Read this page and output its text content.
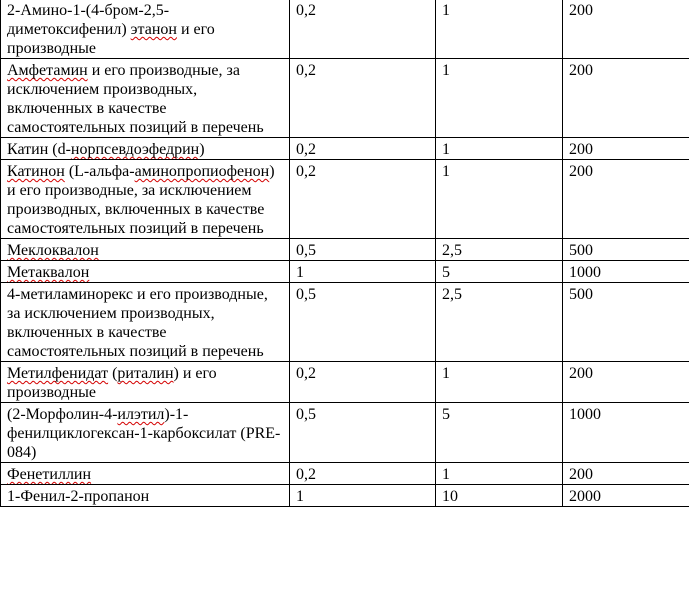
2-Амино-1-(4-бром-2,5-диметоксифенил) этанон и его производные	0,2	1	200
Амфетамин и его производные, за исключением производных, включенных в качестве самостоятельных позиций в перечень	0,2	1	200
Катин (d-норпсевдоэфедрин)	0,2	1	200
Катинон (L-альфа-аминопропиофенон) и его производные, за исключением производных, включенных в качестве самостоятельных позиций в перечень	0,2	1	200
Меклоквалон	0,5	2,5	500
Метаквалон	1	5	1000
4-метиламинорекс и его производные, за исключением производных, включенных в качестве самостоятельных позиций в перечень	0,5	2,5	500
Метилфенидат (риталин) и его производные	0,2	1	200
(2-Морфолин-4-илэтил)-1-фенилциклогексан-1-карбоксилат (PRE-084)	0,5	5	1000
Фенетиллин	0,2	1	200
1-Фенил-2-пропанон	1	10	2000
